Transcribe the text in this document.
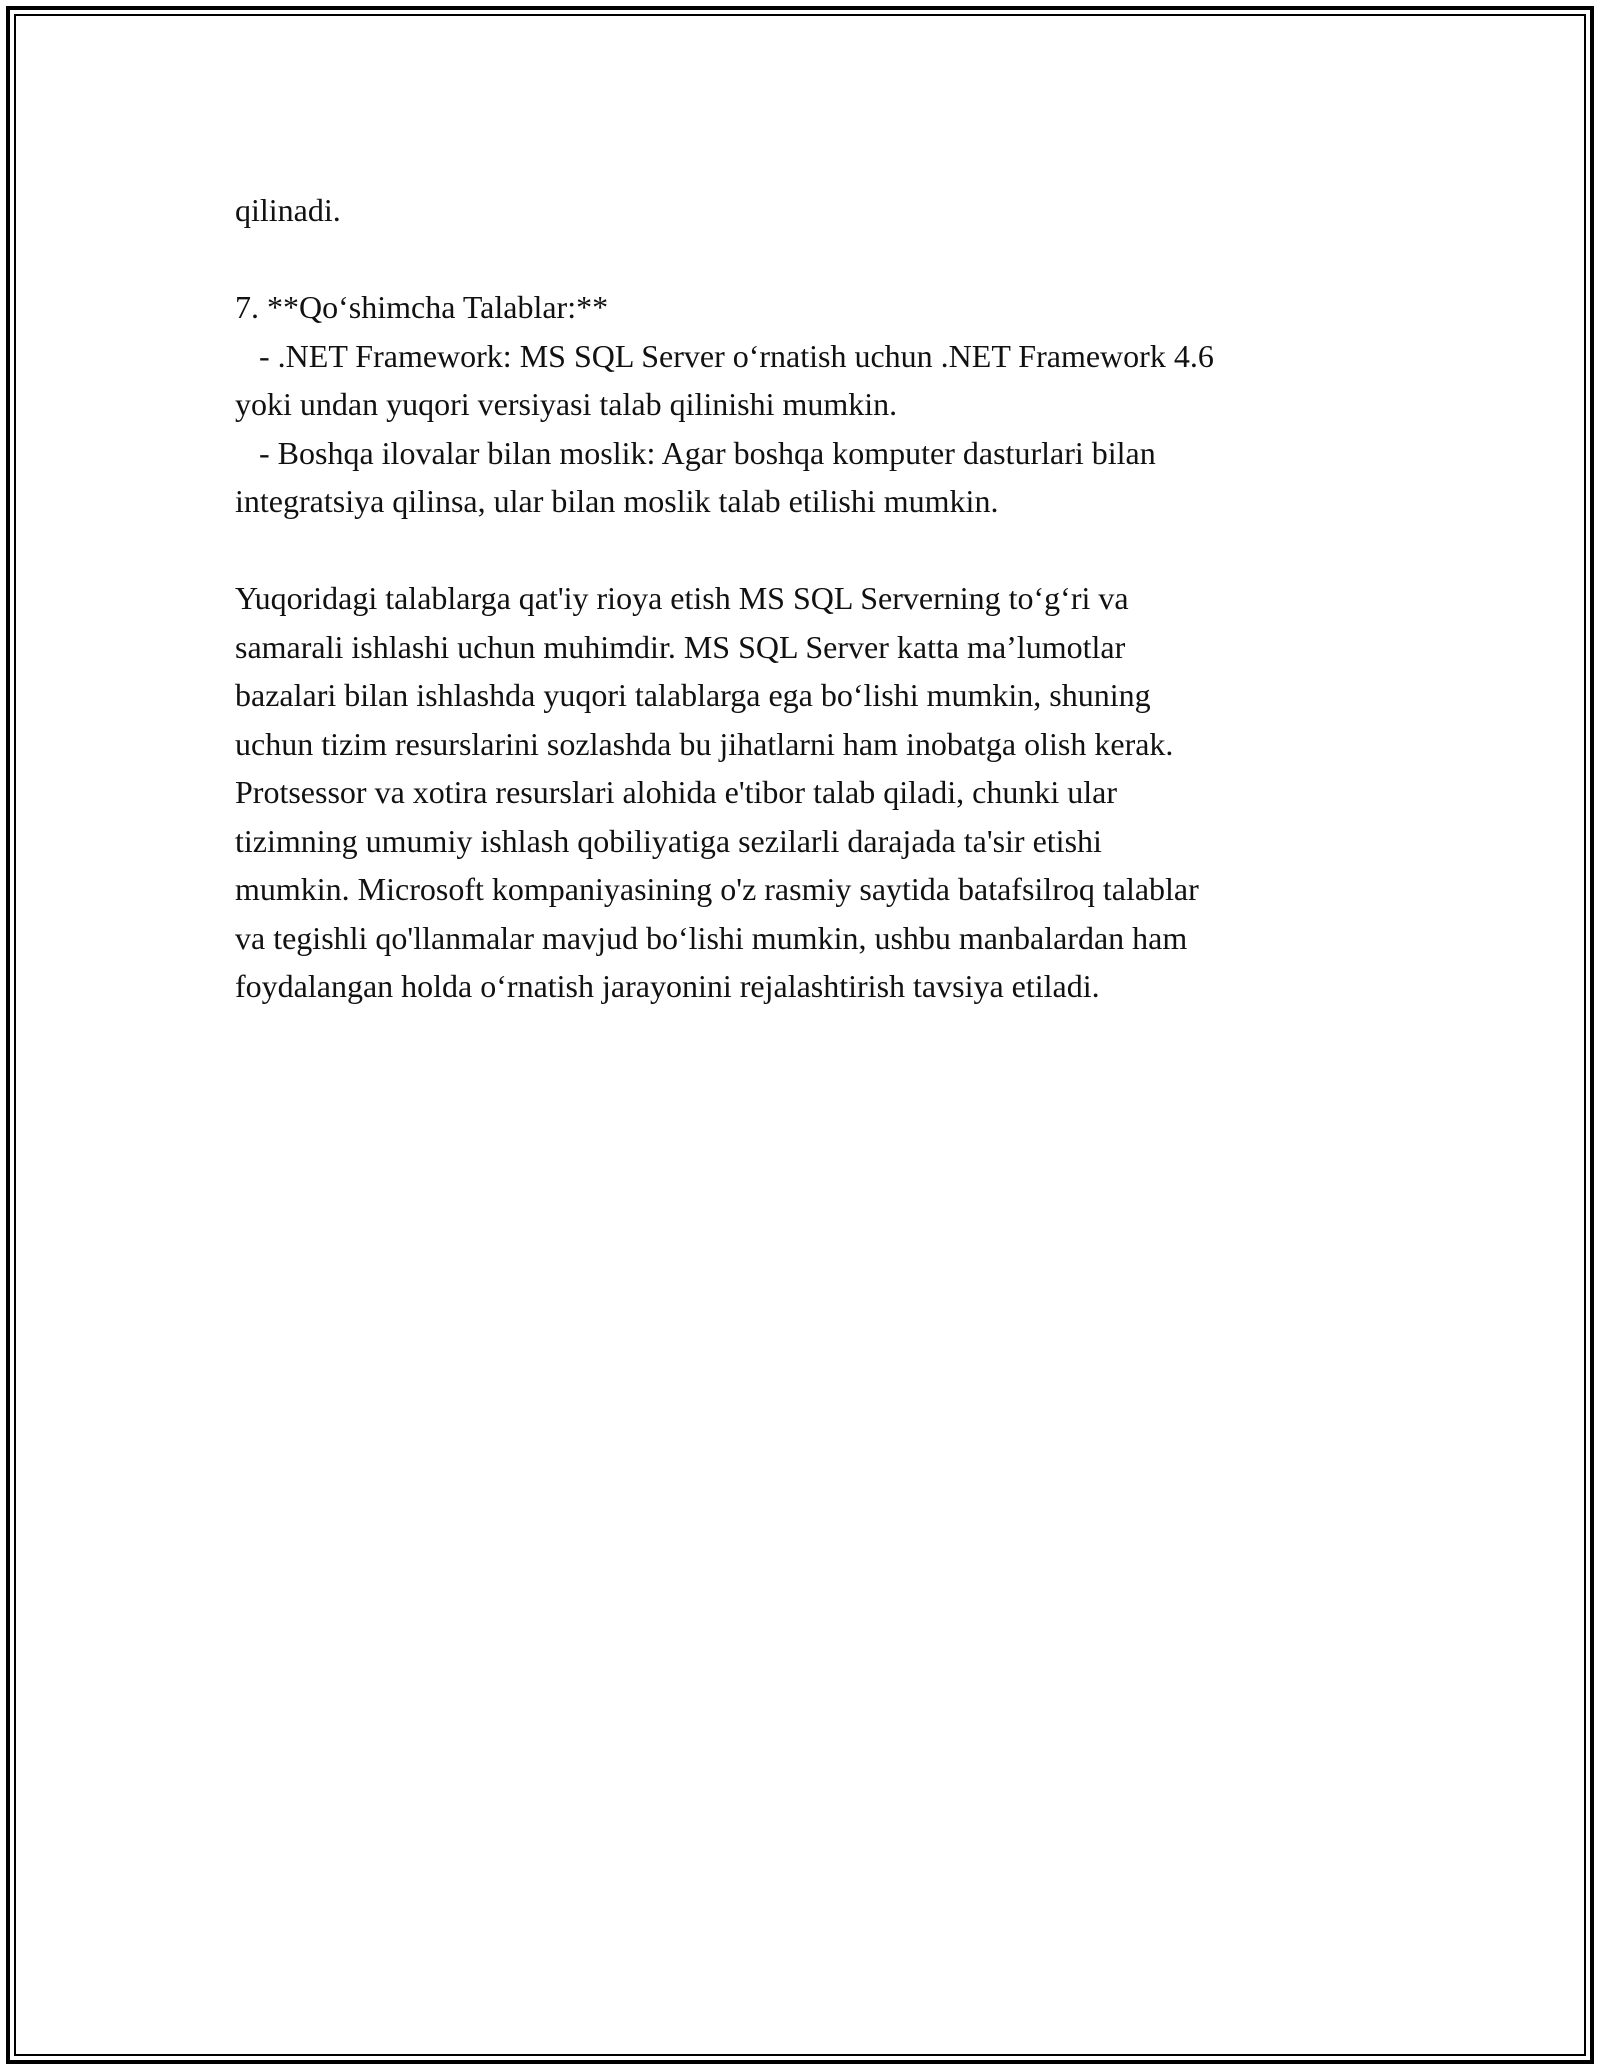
qilinadi.
7. **Qo‘shimcha Talablar:**
- .NET Framework: MS SQL Server o‘rnatish uchun .NET Framework 4.6
yoki undan yuqori versiyasi talab qilinishi mumkin.
- Boshqa ilovalar bilan moslik: Agar boshqa komputer dasturlari bilan
integratsiya qilinsa, ular bilan moslik talab etilishi mumkin.
Yuqoridagi talablarga qat'iy rioya etish MS SQL Serverning to‘g‘ri va
samarali ishlashi uchun muhimdir. MS SQL Server katta ma’lumotlar
bazalari bilan ishlashda yuqori talablarga ega bo‘lishi mumkin, shuning
uchun tizim resurslarini sozlashda bu jihatlarni ham inobatga olish kerak.
Protsessor va xotira resurslari alohida e'tibor talab qiladi, chunki ular
tizimning umumiy ishlash qobiliyatiga sezilarli darajada ta'sir etishi
mumkin. Microsoft kompaniyasining o'z rasmiy saytida batafsilroq talablar
va tegishli qo'llanmalar mavjud bo‘lishi mumkin, ushbu manbalardan ham
foydalangan holda o‘rnatish jarayonini rejalashtirish tavsiya etiladi.
